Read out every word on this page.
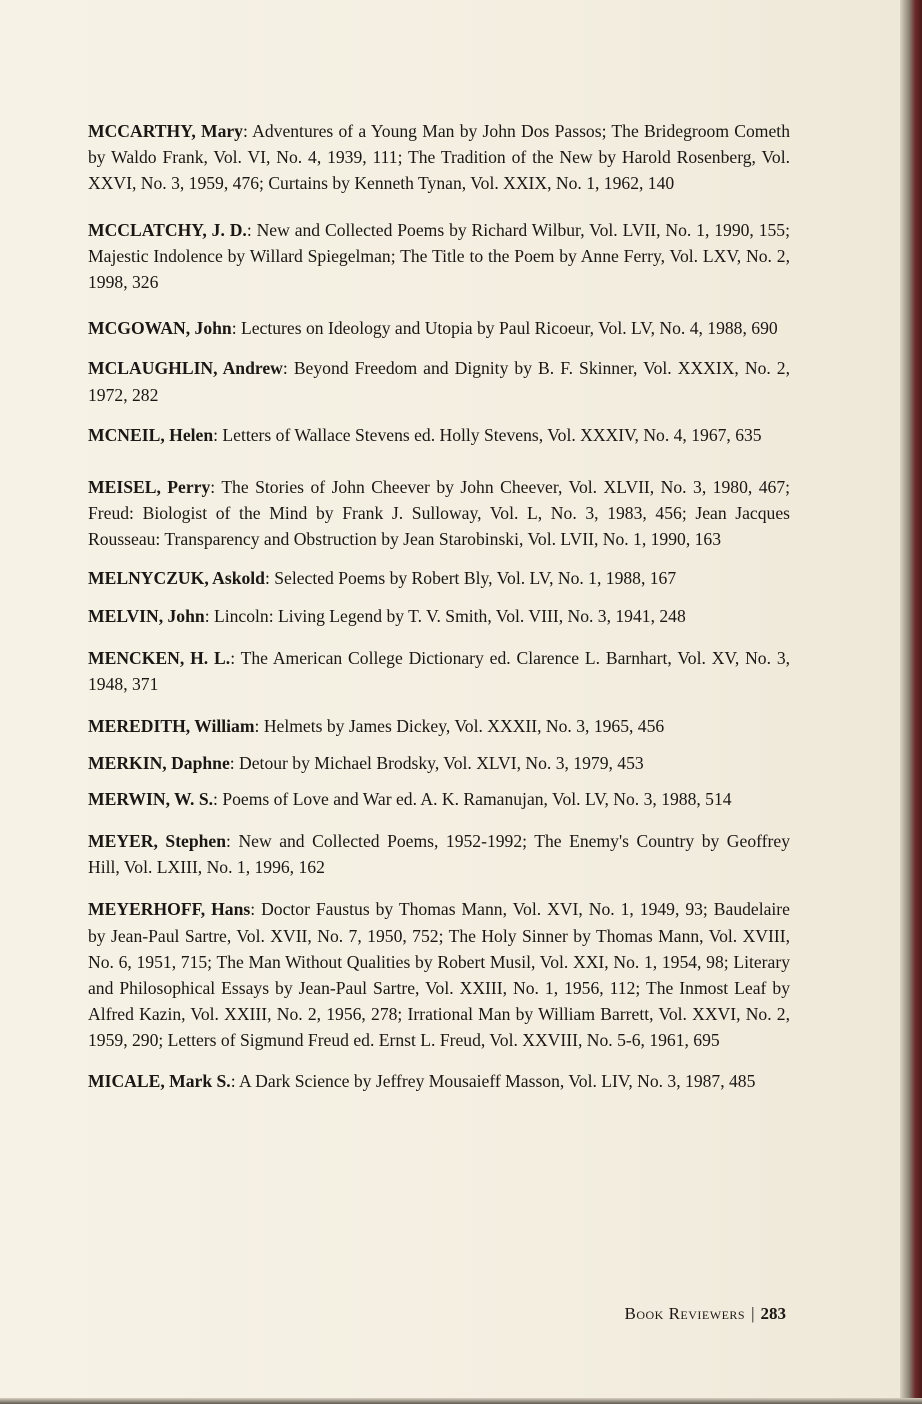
MCCARTHY, Mary: Adventures of a Young Man by John Dos Passos; The Bridegroom Cometh by Waldo Frank, Vol. VI, No. 4, 1939, 111; The Tradition of the New by Harold Rosenberg, Vol. XXVI, No. 3, 1959, 476; Curtains by Kenneth Tynan, Vol. XXIX, No. 1, 1962, 140

MCCLATCHY, J. D.: New and Collected Poems by Richard Wilbur, Vol. LVII, No. 1, 1990, 155; Majestic Indolence by Willard Spiegelman; The Title to the Poem by Anne Ferry, Vol. LXV, No. 2, 1998, 326

MCGOWAN, John: Lectures on Ideology and Utopia by Paul Ricoeur, Vol. LV, No. 4, 1988, 690

MCLAUGHLIN, Andrew: Beyond Freedom and Dignity by B. F. Skinner, Vol. XXXIX, No. 2, 1972, 282

MCNEIL, Helen: Letters of Wallace Stevens ed. Holly Stevens, Vol. XXXIV, No. 4, 1967, 635

MEISEL, Perry: The Stories of John Cheever by John Cheever, Vol. XLVII, No. 3, 1980, 467; Freud: Biologist of the Mind by Frank J. Sulloway, Vol. L, No. 3, 1983, 456; Jean Jacques Rousseau: Transparency and Obstruction by Jean Starobinski, Vol. LVII, No. 1, 1990, 163

MELNYCZUK, Askold: Selected Poems by Robert Bly, Vol. LV, No. 1, 1988, 167

MELVIN, John: Lincoln: Living Legend by T. V. Smith, Vol. VIII, No. 3, 1941, 248

MENCKEN, H. L.: The American College Dictionary ed. Clarence L. Barnhart, Vol. XV, No. 3, 1948, 371

MEREDITH, William: Helmets by James Dickey, Vol. XXXII, No. 3, 1965, 456

MERKIN, Daphne: Detour by Michael Brodsky, Vol. XLVI, No. 3, 1979, 453

MERWIN, W. S.: Poems of Love and War ed. A. K. Ramanujan, Vol. LV, No. 3, 1988, 514

MEYER, Stephen: New and Collected Poems, 1952-1992; The Enemy's Country by Geoffrey Hill, Vol. LXIII, No. 1, 1996, 162

MEYERHOFF, Hans: Doctor Faustus by Thomas Mann, Vol. XVI, No. 1, 1949, 93; Baudelaire by Jean-Paul Sartre, Vol. XVII, No. 7, 1950, 752; The Holy Sinner by Thomas Mann, Vol. XVIII, No. 6, 1951, 715; The Man Without Qualities by Robert Musil, Vol. XXI, No. 1, 1954, 98; Literary and Philosophical Essays by Jean-Paul Sartre, Vol. XXIII, No. 1, 1956, 112; The Inmost Leaf by Alfred Kazin, Vol. XXIII, No. 2, 1956, 278; Irrational Man by William Barrett, Vol. XXVI, No. 2, 1959, 290; Letters of Sigmund Freud ed. Ernst L. Freud, Vol. XXVIII, No. 5-6, 1961, 695

MICALE, Mark S.: A Dark Science by Jeffrey Mousaieff Masson, Vol. LIV, No. 3, 1987, 485

Book Reviewers | 283
